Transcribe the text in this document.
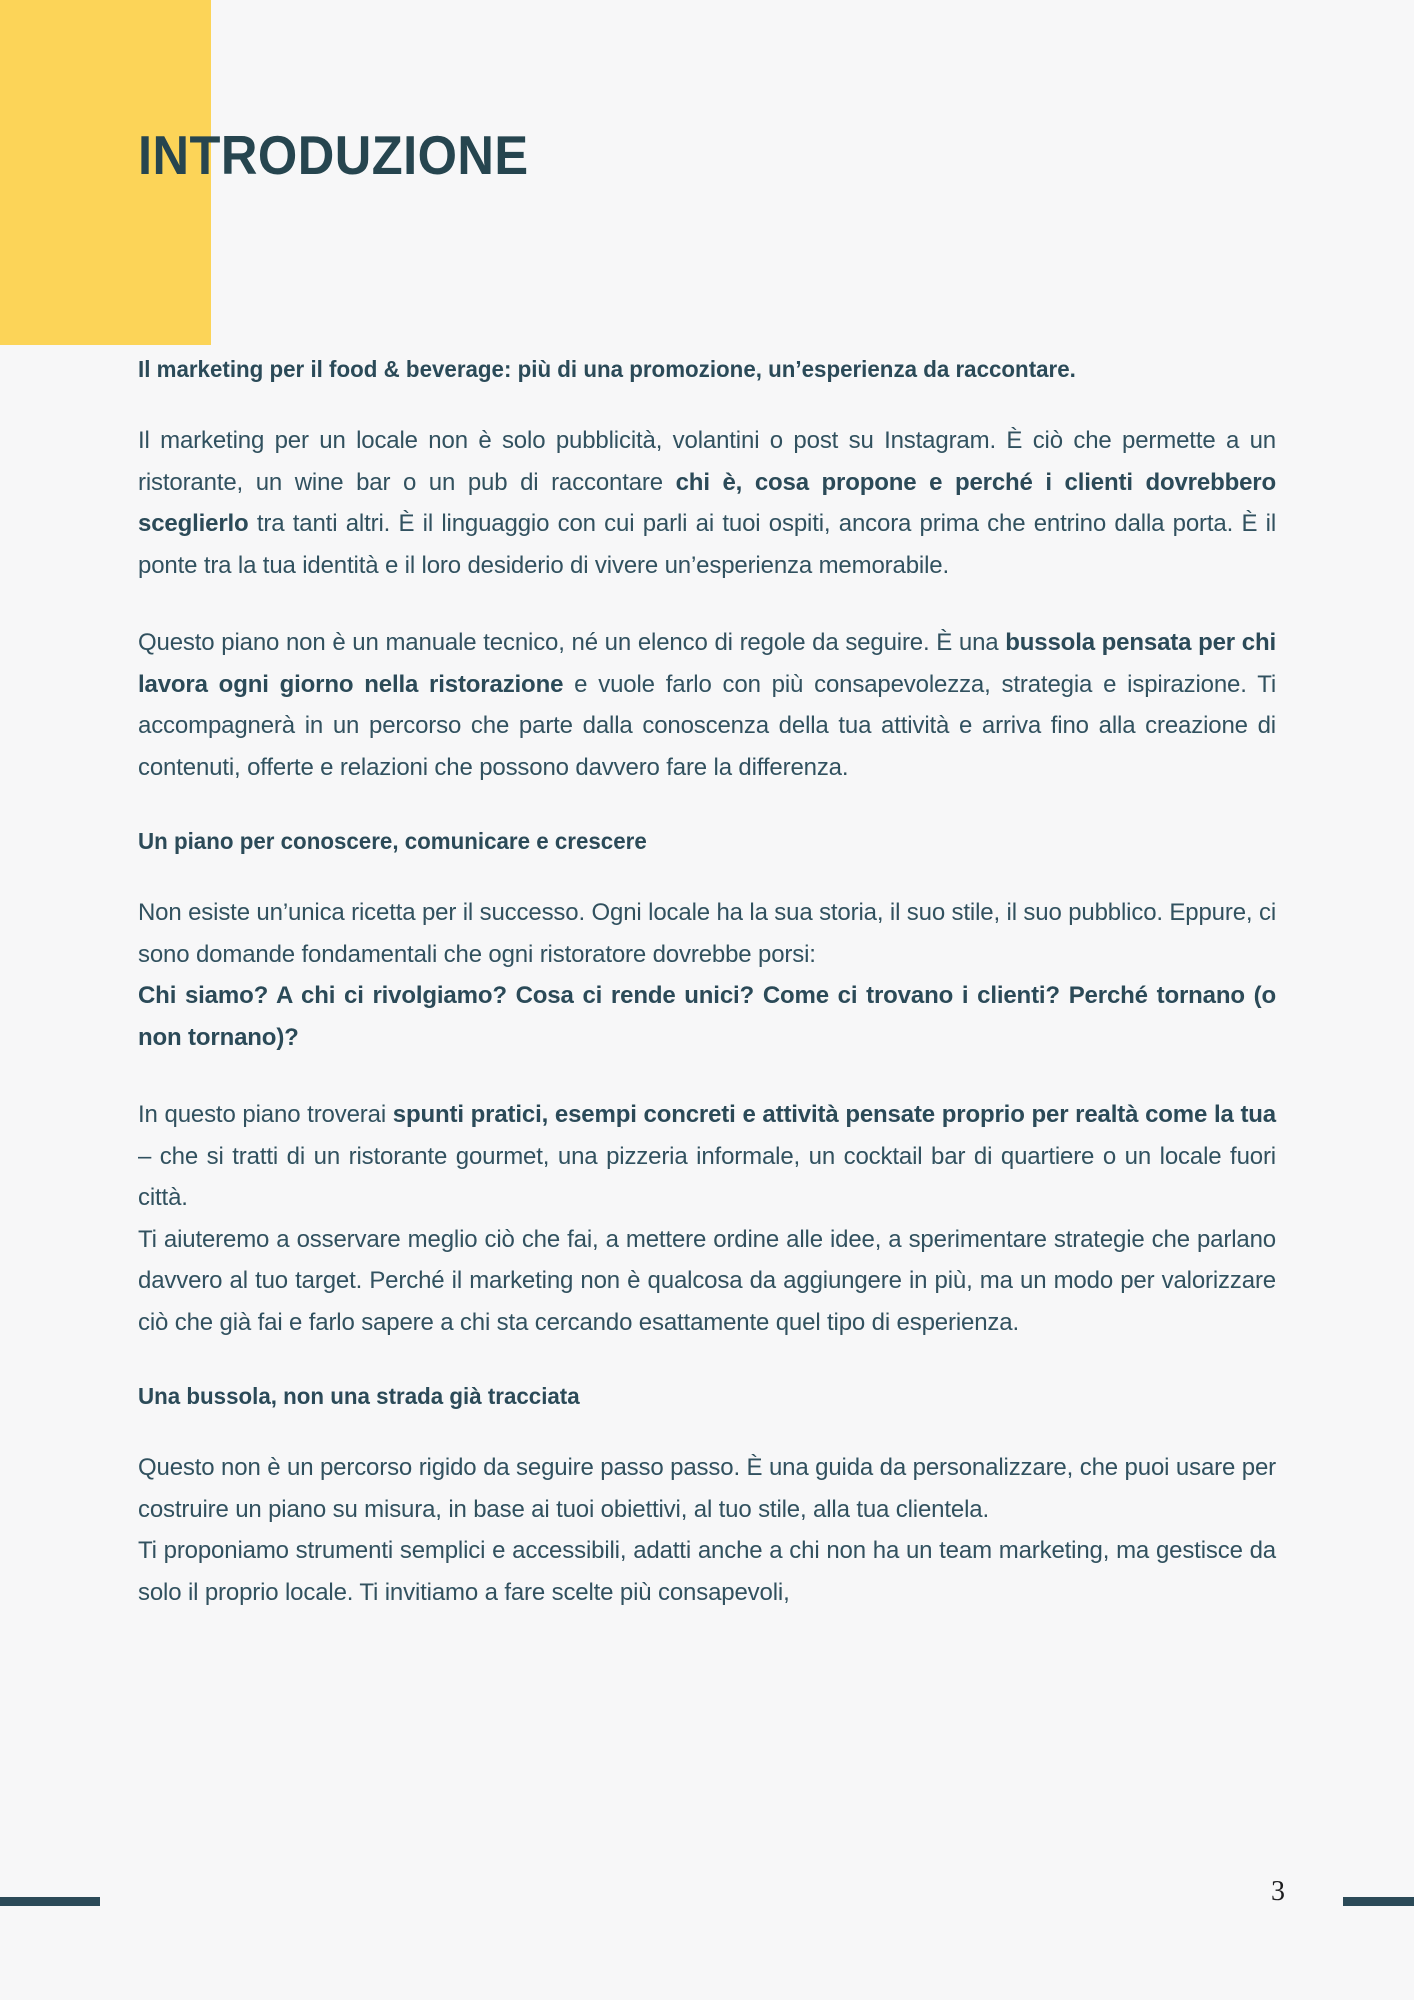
INTRODUZIONE
Il marketing per il food & beverage: più di una promozione, un’esperienza da raccontare.

Il marketing per un locale non è solo pubblicità, volantini o post su Instagram. È ciò che permette a un ristorante, un wine bar o un pub di raccontare chi è, cosa propone e perché i clienti dovrebbero sceglierlo tra tanti altri. È il linguaggio con cui parli ai tuoi ospiti, ancora prima che entrino dalla porta. È il ponte tra la tua identità e il loro desiderio di vivere un’esperienza memorabile.

Questo piano non è un manuale tecnico, né un elenco di regole da seguire. È una bussola pensata per chi lavora ogni giorno nella ristorazione e vuole farlo con più consapevolezza, strategia e ispirazione. Ti accompagnerà in un percorso che parte dalla conoscenza della tua attività e arriva fino alla creazione di contenuti, offerte e relazioni che possono davvero fare la differenza.

Un piano per conoscere, comunicare e crescere

Non esiste un’unica ricetta per il successo. Ogni locale ha la sua storia, il suo stile, il suo pubblico. Eppure, ci sono domande fondamentali che ogni ristoratore dovrebbe porsi:

Chi siamo? A chi ci rivolgiamo? Cosa ci rende unici? Come ci trovano i clienti? Perché tornano (o non tornano)?

In questo piano troverai spunti pratici, esempi concreti e attività pensate proprio per realtà come la tua – che si tratti di un ristorante gourmet, una pizzeria informale, un cocktail bar di quartiere o un locale fuori città.

Ti aiuteremo a osservare meglio ciò che fai, a mettere ordine alle idee, a sperimentare strategie che parlano davvero al tuo target. Perché il marketing non è qualcosa da aggiungere in più, ma un modo per valorizzare ciò che già fai e farlo sapere a chi sta cercando esattamente quel tipo di esperienza.

Una bussola, non una strada già tracciata

Questo non è un percorso rigido da seguire passo passo. È una guida da personalizzare, che puoi usare per costruire un piano su misura, in base ai tuoi obiettivi, al tuo stile, alla tua clientela.

Ti proponiamo strumenti semplici e accessibili, adatti anche a chi non ha un team marketing, ma gestisce da solo il proprio locale. Ti invitiamo a fare scelte più consapevoli,

3
